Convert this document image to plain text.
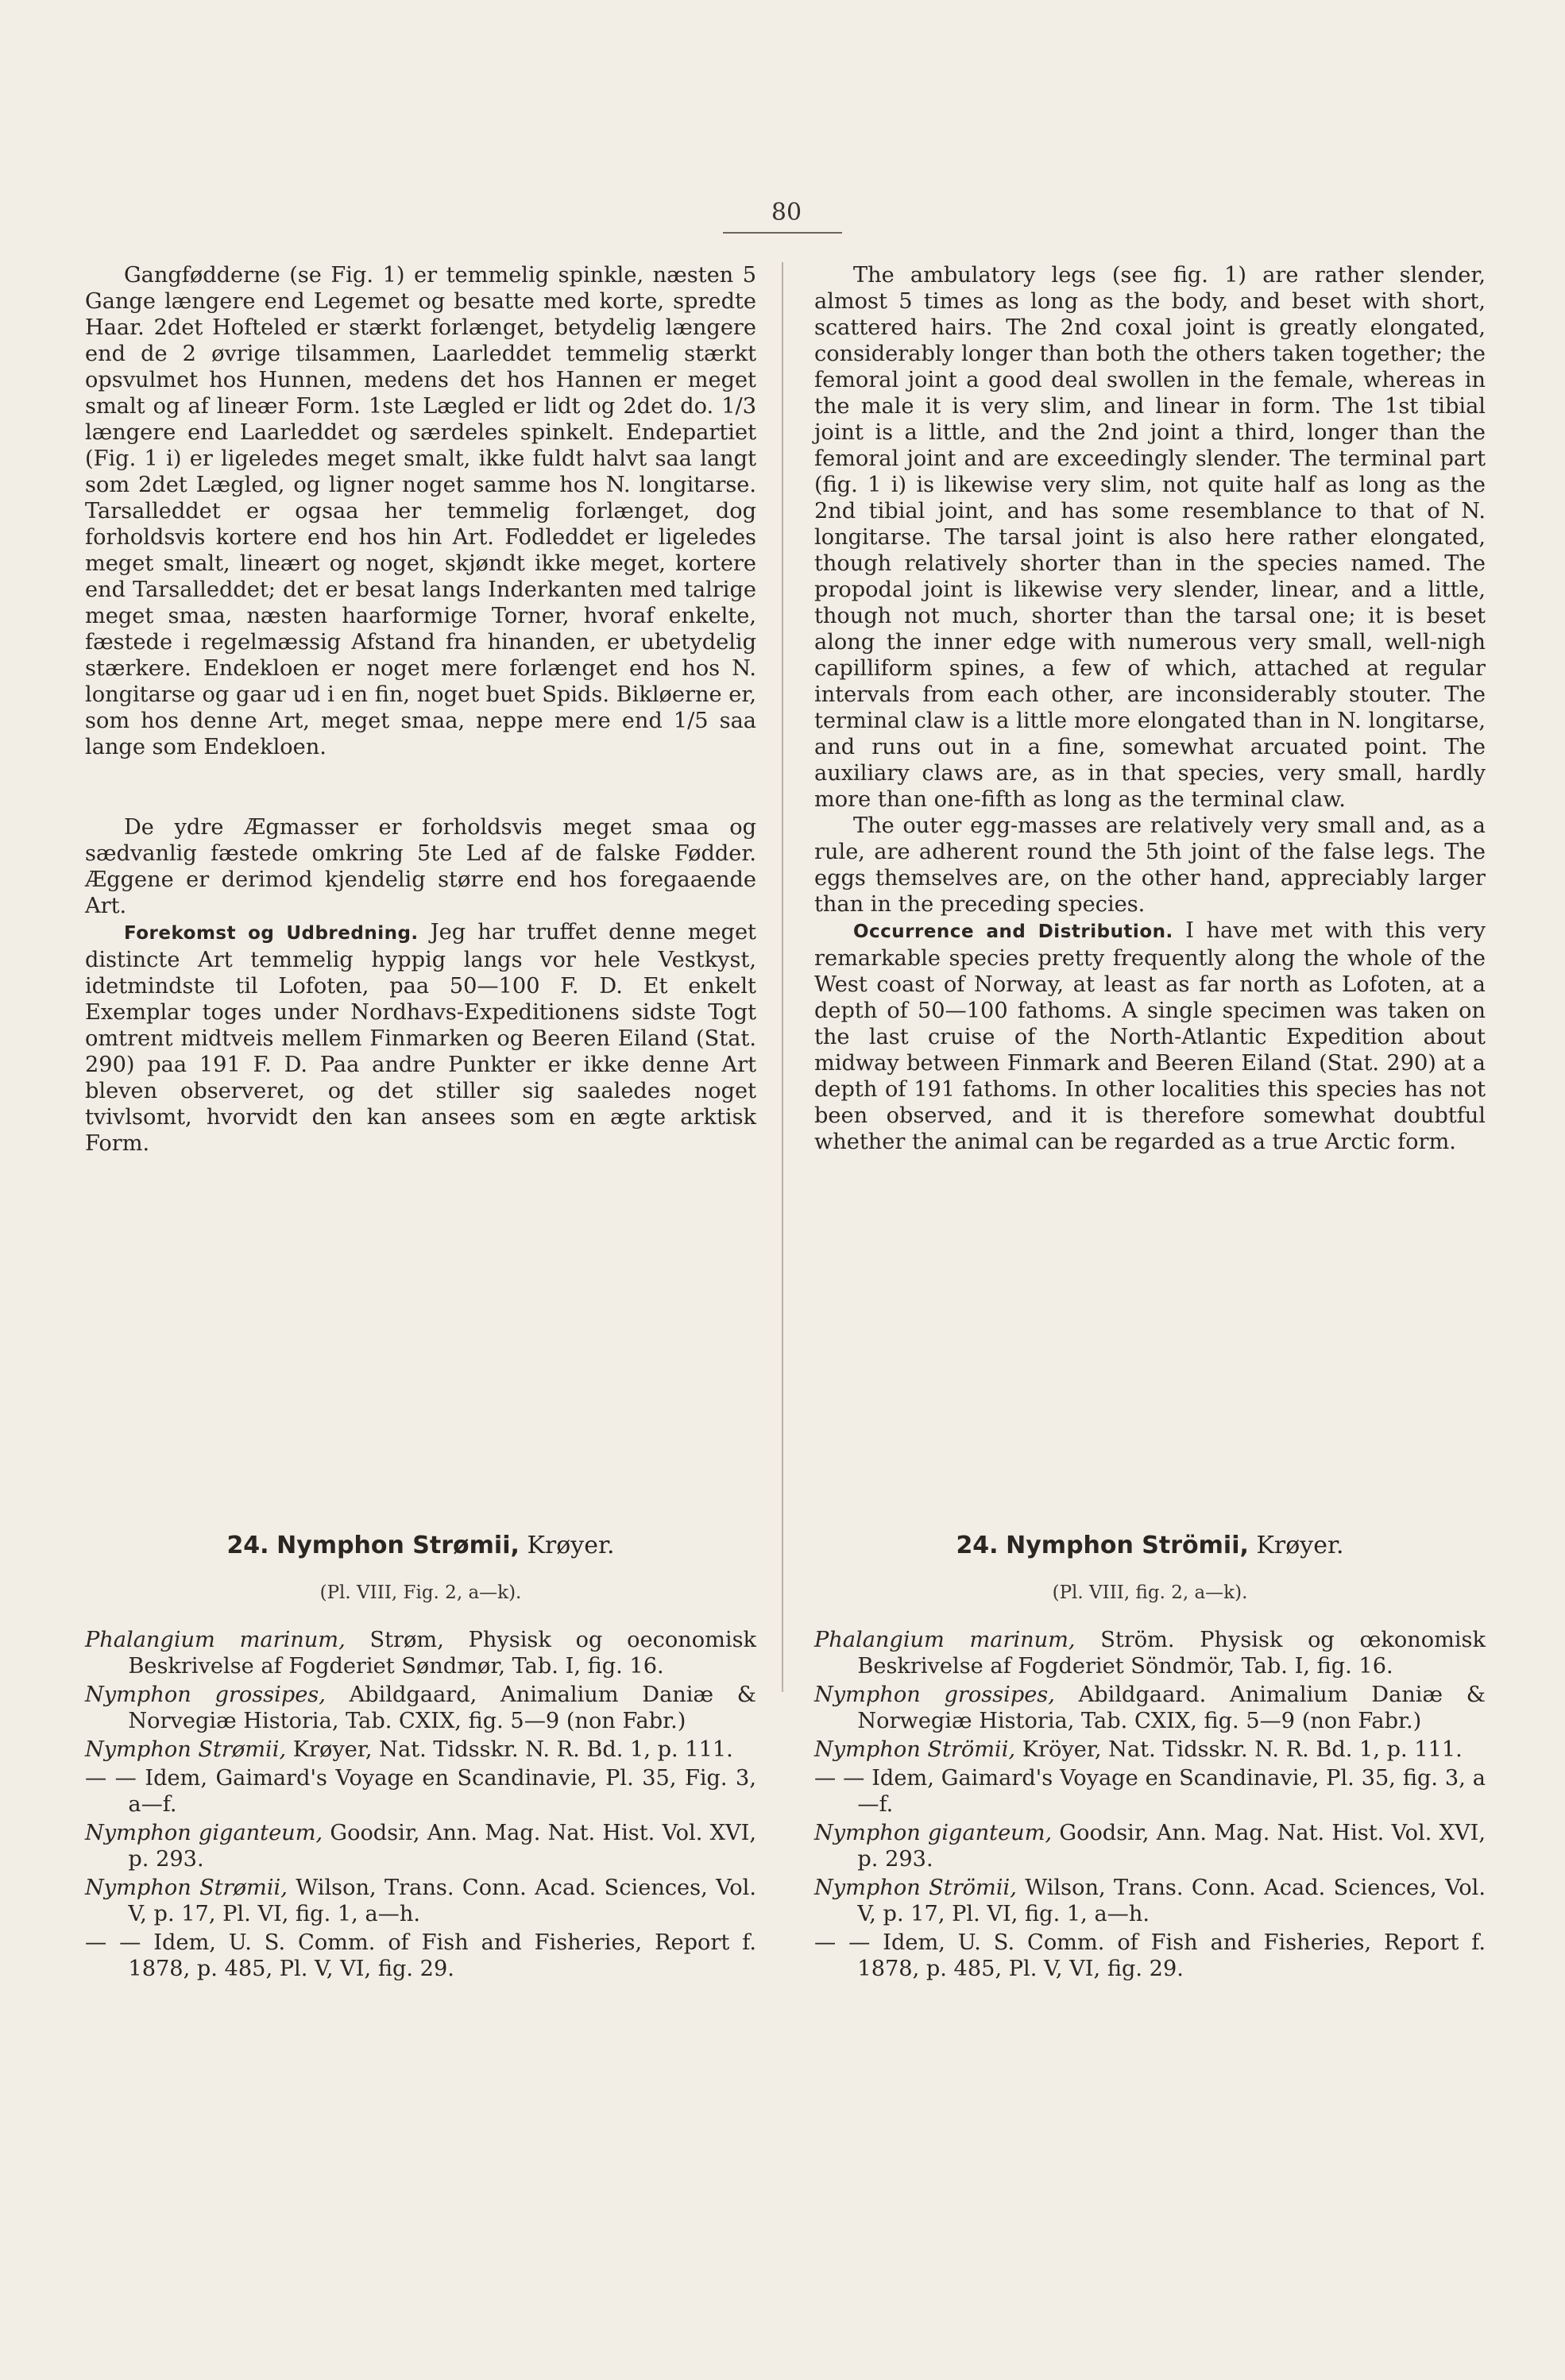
80

Gangfødderne (se Fig. 1) er temmelig spinkle, næsten 5 Gange længere end Legemet og besatte med korte, spredte Haar. 2det Hofteled er stærkt forlænget, betydelig længere end de 2 øvrige tilsammen, Laarleddet temmelig stærkt opsvulmet hos Hunnen, medens det hos Hannen er meget smalt og af lineær Form. 1ste Lægled er lidt og 2det do. 1/3 længere end Laarleddet og særdeles spinkelt. Endepartiet (Fig. 1 i) er ligeledes meget smalt, ikke fuldt halvt saa langt som 2det Lægled, og ligner noget samme hos N. longitarse. Tarsalleddet er ogsaa her temmelig forlænget, dog forholdsvis kortere end hos hin Art. Fodleddet er ligeledes meget smalt, lineært og noget, skjøndt ikke meget, kortere end Tarsalleddet; det er besat langs Inderkanten med talrige meget smaa, næsten haarformige Torner, hvoraf enkelte, fæstede i regelmæssig Afstand fra hinanden, er ubetydelig stærkere. Endekloen er noget mere forlænget end hos N. longitarse og gaar ud i en fin, noget buet Spids. Bikløerne er, som hos denne Art, meget smaa, neppe mere end 1/5 saa lange som Endekloen.

De ydre Ægmasser er forholdsvis meget smaa og sædvanlig fæstede omkring 5te Led af de falske Fødder. Æggene er derimod kjendelig større end hos foregaaende Art.

Forekomst og Udbredning. Jeg har truffet denne meget distincte Art temmelig hyppig langs vor hele Vestkyst, idetmindste til Lofoten, paa 50—100 F. D. Et enkelt Exemplar toges under Nordhavs-Expeditionens sidste Togt omtrent midtveis mellem Finmarken og Beeren Eiland (Stat. 290) paa 191 F. D. Paa andre Punkter er ikke denne Art bleven observeret, og det stiller sig saaledes noget tvivlsomt, hvorvidt den kan ansees som en ægte arktisk Form.

The ambulatory legs (see fig. 1) are rather slender, almost 5 times as long as the body, and beset with short, scattered hairs. The 2nd coxal joint is greatly elongated, considerably longer than both the others taken together; the femoral joint a good deal swollen in the female, whereas in the male it is very slim, and linear in form. The 1st tibial joint is a little, and the 2nd joint a third, longer than the femoral joint and are exceedingly slender. The terminal part (fig. 1 i) is likewise very slim, not quite half as long as the 2nd tibial joint, and has some resemblance to that of N. longitarse. The tarsal joint is also here rather elongated, though relatively shorter than in the species named. The propodal joint is likewise very slender, linear, and a little, though not much, shorter than the tarsal one; it is beset along the inner edge with numerous very small, well-nigh capilliform spines, a few of which, attached at regular intervals from each other, are inconsiderably stouter. The terminal claw is a little more elongated than in N. longitarse, and runs out in a fine, somewhat arcuated point. The auxiliary claws are, as in that species, very small, hardly more than one-fifth as long as the terminal claw.

The outer egg-masses are relatively very small and, as a rule, are adherent round the 5th joint of the false legs. The eggs themselves are, on the other hand, appreciably larger than in the preceding species.

Occurrence and Distribution. I have met with this very remarkable species pretty frequently along the whole of the West coast of Norway, at least as far north as Lofoten, at a depth of 50—100 fathoms. A single specimen was taken on the last cruise of the North-Atlantic Expedition about midway between Finmark and Beeren Eiland (Stat. 290) at a depth of 191 fathoms. In other localities this species has not been observed, and it is therefore somewhat doubtful whether the animal can be regarded as a true Arctic form.

24. Nymphon Strømii, Krøyer.
(Pl. VIII, Fig. 2, a—k).
24. Nymphon Strömii, Krøyer.
(Pl. VIII, fig. 2, a—k).

Phalangium marinum, Strøm, Physisk og oeconomisk Beskrivelse af Fogderiet Søndmør, Tab. I, fig. 16.

Nymphon grossipes, Abildgaard, Animalium Daniæ & Norvegiæ Historia, Tab. CXIX, fig. 5—9 (non Fabr.)

Nymphon Strømii, Krøyer, Nat. Tidsskr. N. R. Bd. 1, p. 111.

— — Idem, Gaimard's Voyage en Scandinavie, Pl. 35, Fig. 3, a—f.

Nymphon giganteum, Goodsir, Ann. Mag. Nat. Hist. Vol. XVI, p. 293.

Nymphon Strømii, Wilson, Trans. Conn. Acad. Sciences, Vol. V, p. 17, Pl. VI, fig. 1, a—h.

— — Idem, U. S. Comm. of Fish and Fisheries, Report f. 1878, p. 485, Pl. V, VI, fig. 29.

Phalangium marinum, Ström. Physisk og œkonomisk Beskrivelse af Fogderiet Söndmör, Tab. I, fig. 16.

Nymphon grossipes, Abildgaard. Animalium Daniæ & Norwegiæ Historia, Tab. CXIX, fig. 5—9 (non Fabr.)

Nymphon Strömii, Kröyer, Nat. Tidsskr. N. R. Bd. 1, p. 111.

— — Idem, Gaimard's Voyage en Scandinavie, Pl. 35, fig. 3, a—f.

Nymphon giganteum, Goodsir, Ann. Mag. Nat. Hist. Vol. XVI, p. 293.

Nymphon Strömii, Wilson, Trans. Conn. Acad. Sciences, Vol. V, p. 17, Pl. VI, fig. 1, a—h.

— — Idem, U. S. Comm. of Fish and Fisheries, Report f. 1878, p. 485, Pl. V, VI, fig. 29.
